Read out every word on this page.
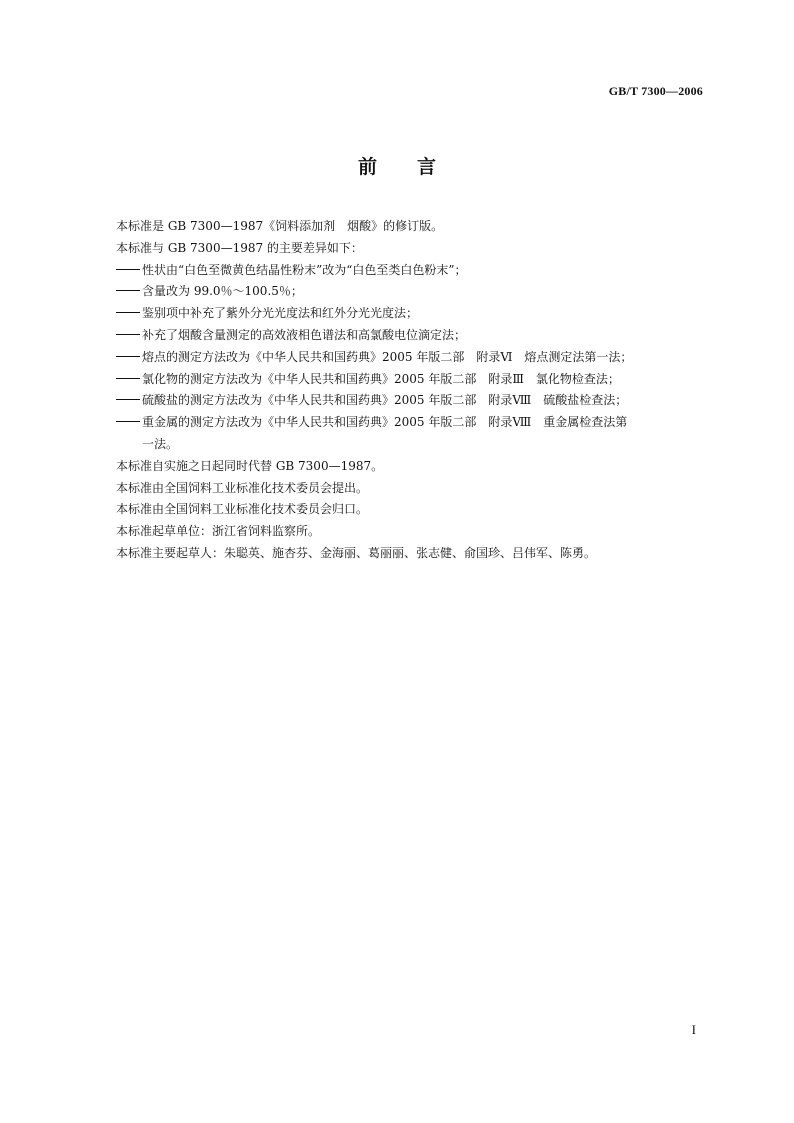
GB/T 7300—2006
前 言

本标准是 GB 7300—1987《饲料添加剂　烟酸》的修订版。

本标准与 GB 7300—1987 的主要差异如下：

性状由“白色至微黄色结晶性粉末”改为“白色至类白色粉末”；

含量改为 99.0％～100.5％；

鉴别项中补充了紫外分光光度法和红外分光光度法；

补充了烟酸含量测定的高效液相色谱法和高氯酸电位滴定法；

熔点的测定方法改为《中华人民共和国药典》2005 年版二部　附录Ⅵ　熔点测定法第一法；

氯化物的测定方法改为《中华人民共和国药典》2005 年版二部　附录Ⅲ　氯化物检查法；

硫酸盐的测定方法改为《中华人民共和国药典》2005 年版二部　附录Ⅷ　硫酸盐检查法；

重金属的测定方法改为《中华人民共和国药典》2005 年版二部　附录Ⅷ　重金属检查法第

一法。

本标准自实施之日起同时代替 GB 7300—1987。

本标准由全国饲料工业标准化技术委员会提出。

本标准由全国饲料工业标准化技术委员会归口。

本标准起草单位：浙江省饲料监察所。

本标准主要起草人：朱聪英、施杏芬、金海丽、葛丽丽、张志健、俞国珍、吕伟军、陈勇。

I
